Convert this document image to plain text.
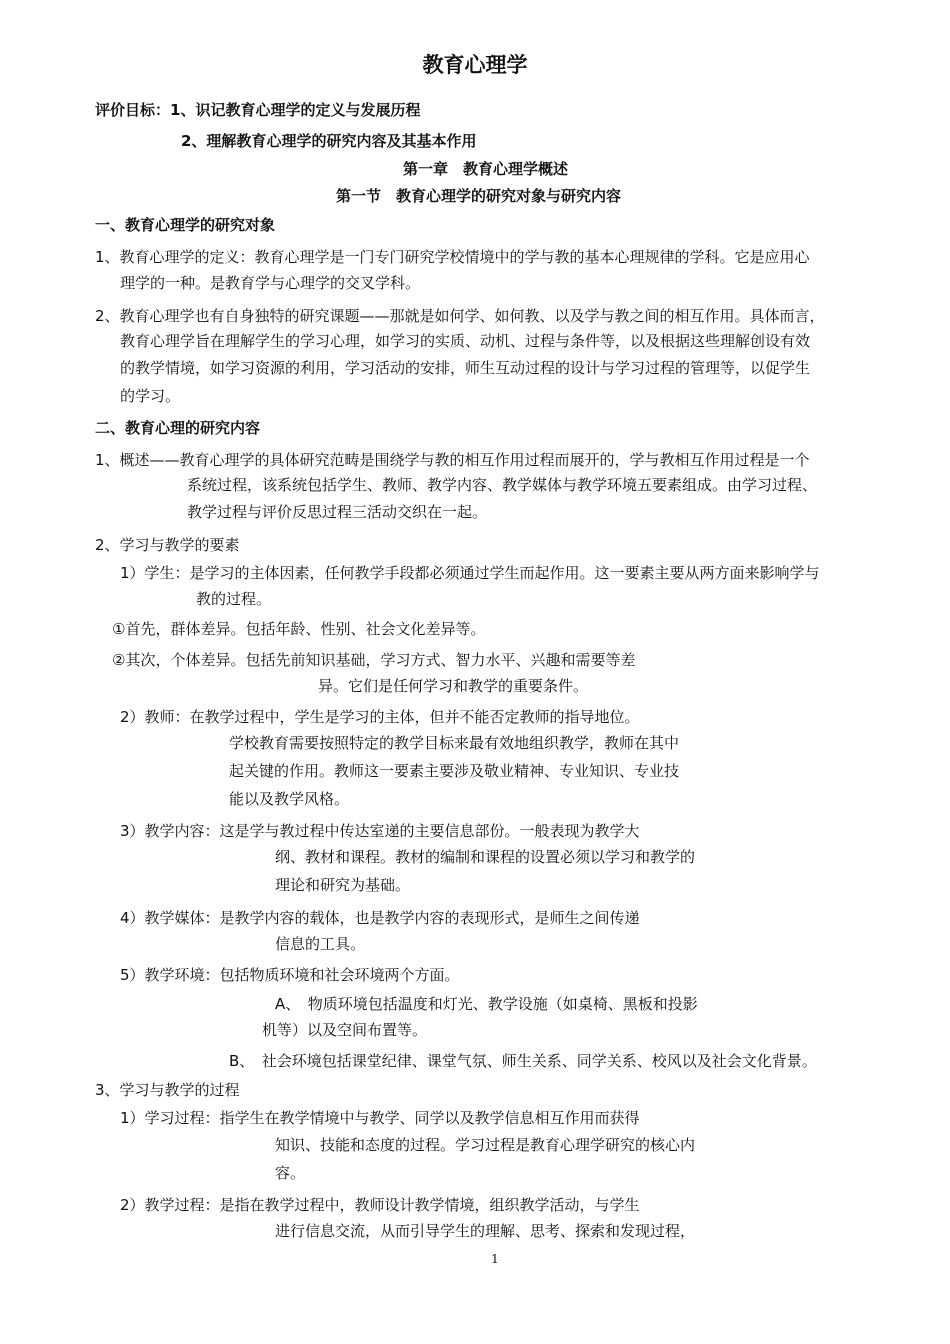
教育心理学
评价目标：1、识记教育心理学的定义与发展历程
2、理解教育心理学的研究内容及其基本作用
第一章　教育心理学概述
第一节　教育心理学的研究对象与研究内容
一、教育心理学的研究对象
1、教育心理学的定义：教育心理学是一门专门研究学校情境中的学与教的基本心理规律的学科。它是应用心
理学的一种。是教育学与心理学的交叉学科。
2、教育心理学也有自身独特的研究课题——那就是如何学、如何教、以及学与教之间的相互作用。具体而言，
教育心理学旨在理解学生的学习心理，如学习的实质、动机、过程与条件等，以及根据这些理解创设有效
的教学情境，如学习资源的利用，学习活动的安排，师生互动过程的设计与学习过程的管理等，以促学生
的学习。
二、教育心理的研究内容
1、概述——教育心理学的具体研究范畴是围绕学与教的相互作用过程而展开的，学与教相互作用过程是一个
系统过程，该系统包括学生、教师、教学内容、教学媒体与教学环境五要素组成。由学习过程、
教学过程与评价反思过程三活动交织在一起。
2、学习与教学的要素
1）学生：是学习的主体因素，任何教学手段都必须通过学生而起作用。这一要素主要从两方面来影响学与
教的过程。
①首先，群体差异。包括年龄、性别、社会文化差异等。
②其次，个体差异。包括先前知识基础，学习方式、智力水平、兴趣和需要等差
异。它们是任何学习和教学的重要条件。
2）教师：在教学过程中，学生是学习的主体，但并不能否定教师的指导地位。
学校教育需要按照特定的教学目标来最有效地组织教学，教师在其中
起关键的作用。教师这一要素主要涉及敬业精神、专业知识、专业技
能以及教学风格。
3）教学内容：这是学与教过程中传达室递的主要信息部份。一般表现为教学大
纲、教材和课程。教材的编制和课程的设置必须以学习和教学的
理论和研究为基础。
4）教学媒体：是教学内容的载体，也是教学内容的表现形式，是师生之间传递
信息的工具。
5）教学环境：包括物质环境和社会环境两个方面。
A、　物质环境包括温度和灯光、教学设施（如桌椅、黑板和投影
机等）以及空间布置等。
B、　社会环境包括课堂纪律、课堂气氛、师生关系、同学关系、校风以及社会文化背景。
3、学习与教学的过程
1）学习过程：指学生在教学情境中与教学、同学以及教学信息相互作用而获得
知识、技能和态度的过程。学习过程是教育心理学研究的核心内
容。
2）教学过程：是指在教学过程中，教师设计教学情境，组织教学活动，与学生
进行信息交流，从而引导学生的理解、思考、探索和发现过程，
1
